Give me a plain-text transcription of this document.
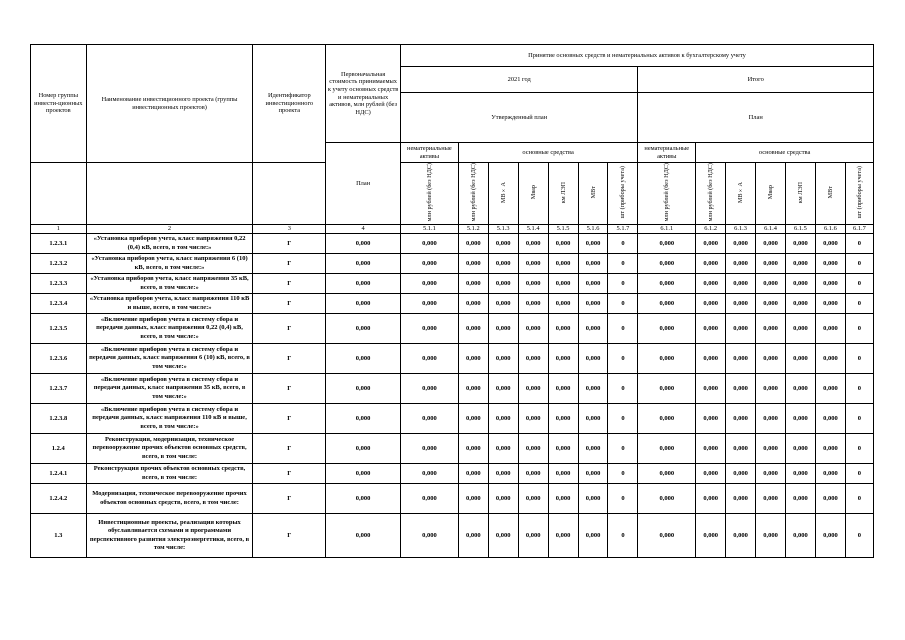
Номер группы инвести-ционных проектов	Наименование инвестиционного проекта (группы инвестиционных проектов)	Идентификатор инвестиционного проекта	Первоначальная стоимость принимаемых к учету основных средств и нематериальных активов, млн рублей (без НДС)	Принятие основных средств и нематериальных активов к бухгалтерскому учету													
				2021 год							Итого						
				Утвержденный план							План						
			План	нематериальные активы	основные средства						нематериальные активы	основные средства					
				млн рублей (без НДС)	млн рублей (без НДС)	МВ×А	Мвар	км ЛЭП	МВт	шт (приборы учета)	млн рублей (без НДС)	млн рублей (без НДС)	МВ×А	Мвар	км ЛЭП	МВт	шт (приборы учета)
1	2	3	4	5.1.1	5.1.2	5.1.3	5.1.4	5.1.5	5.1.6	5.1.7	6.1.1	6.1.2	6.1.3	6.1.4	6.1.5	6.1.6	6.1.7
1.2.3.1	«Установка приборов учета, класс напряжения 0,22 (0,4) кВ, всего, в том числе:»	Г	0,000	0,000	0,000	0,000	0,000	0,000	0,000	0	0,000	0,000	0,000	0,000	0,000	0,000	0
1.2.3.2	«Установка приборов учета, класс напряжения 6 (10) кВ, всего, в том числе:»	Г	0,000	0,000	0,000	0,000	0,000	0,000	0,000	0	0,000	0,000	0,000	0,000	0,000	0,000	0
1.2.3.3	«Установка приборов учета, класс напряжения 35 кВ, всего, в том числе:»	Г	0,000	0,000	0,000	0,000	0,000	0,000	0,000	0	0,000	0,000	0,000	0,000	0,000	0,000	0
1.2.3.4	«Установка приборов учета, класс напряжения 110 кВ и выше, всего, в том числе:»	Г	0,000	0,000	0,000	0,000	0,000	0,000	0,000	0	0,000	0,000	0,000	0,000	0,000	0,000	0
1.2.3.5	«Включение приборов учета в систему сбора и передачи данных, класс напряжения 0,22 (0,4) кВ, всего, в том числе:»	Г	0,000	0,000	0,000	0,000	0,000	0,000	0,000	0	0,000	0,000	0,000	0,000	0,000	0,000	0
1.2.3.6	«Включение приборов учета в систему сбора и передачи данных, класс напряжения 6 (10) кВ, всего, в том числе:»	Г	0,000	0,000	0,000	0,000	0,000	0,000	0,000	0	0,000	0,000	0,000	0,000	0,000	0,000	0
1.2.3.7	«Включение приборов учета в систему сбора и передачи данных, класс напряжения 35 кВ, всего, в том числе:»	Г	0,000	0,000	0,000	0,000	0,000	0,000	0,000	0	0,000	0,000	0,000	0,000	0,000	0,000	0
1.2.3.8	«Включение приборов учета в систему сбора и передачи данных, класс напряжения 110 кВ и выше, всего, в том числе:»	Г	0,000	0,000	0,000	0,000	0,000	0,000	0,000	0	0,000	0,000	0,000	0,000	0,000	0,000	0
1.2.4	Реконструкция, модернизация, техническое перевооружение прочих объектов основных средств, всего, в том числе:	Г	0,000	0,000	0,000	0,000	0,000	0,000	0,000	0	0,000	0,000	0,000	0,000	0,000	0,000	0
1.2.4.1	Реконструкция прочих объектов основных средств, всего, в том числе:	Г	0,000	0,000	0,000	0,000	0,000	0,000	0,000	0	0,000	0,000	0,000	0,000	0,000	0,000	0
1.2.4.2	Модернизация, техническое перевооружение прочих объектов основных средств, всего, в том числе:	Г	0,000	0,000	0,000	0,000	0,000	0,000	0,000	0	0,000	0,000	0,000	0,000	0,000	0,000	0
1.3	Инвестиционные проекты, реализация которых обуславливается схемами и программами перспективного развития электроэнергетики, всего, в том числе:	Г	0,000	0,000	0,000	0,000	0,000	0,000	0,000	0	0,000	0,000	0,000	0,000	0,000	0,000	0
